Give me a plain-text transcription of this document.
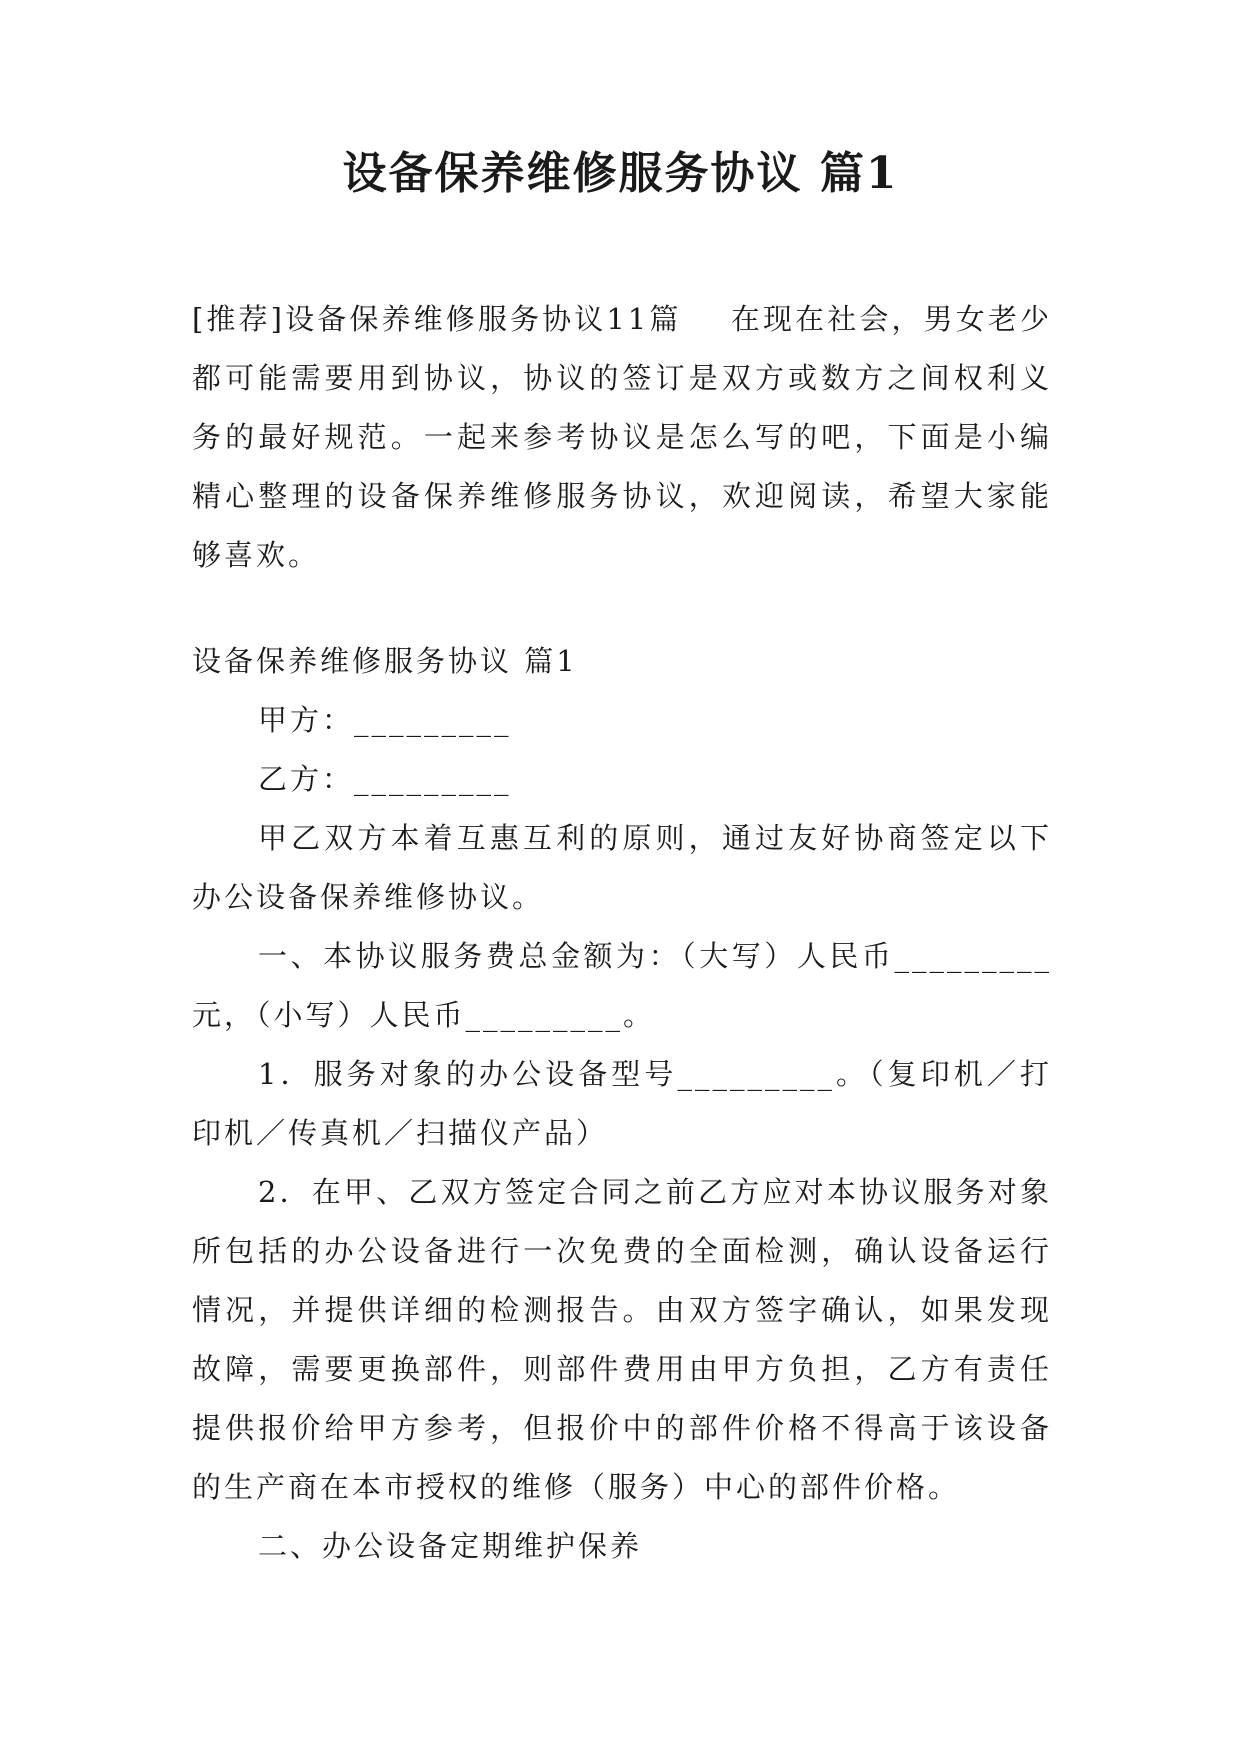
设备保养维修服务协议 篇1

[推荐]设备保养维修服务协议11篇    在现在社会，男女老少都可能需要用到协议，协议的签订是双方或数方之间权利义务的最好规范。一起来参考协议是怎么写的吧，下面是小编精心整理的设备保养维修服务协议，欢迎阅读，希望大家能够喜欢。

设备保养维修服务协议 篇1

甲方：_________

乙方：_________

甲乙双方本着互惠互利的原则，通过友好协商签定以下办公设备保养维修协议。

一、本协议服务费总金额为：（大写）人民币_________元，（小写）人民币_________。

1．服务对象的办公设备型号_________。（复印机／打印机／传真机／扫描仪产品）

2．在甲、乙双方签定合同之前乙方应对本协议服务对象所包括的办公设备进行一次免费的全面检测，确认设备运行情况，并提供详细的检测报告。由双方签字确认，如果发现故障，需要更换部件，则部件费用由甲方负担，乙方有责任提供报价给甲方参考，但报价中的部件价格不得高于该设备的生产商在本市授权的维修（服务）中心的部件价格。

二、办公设备定期维护保养
